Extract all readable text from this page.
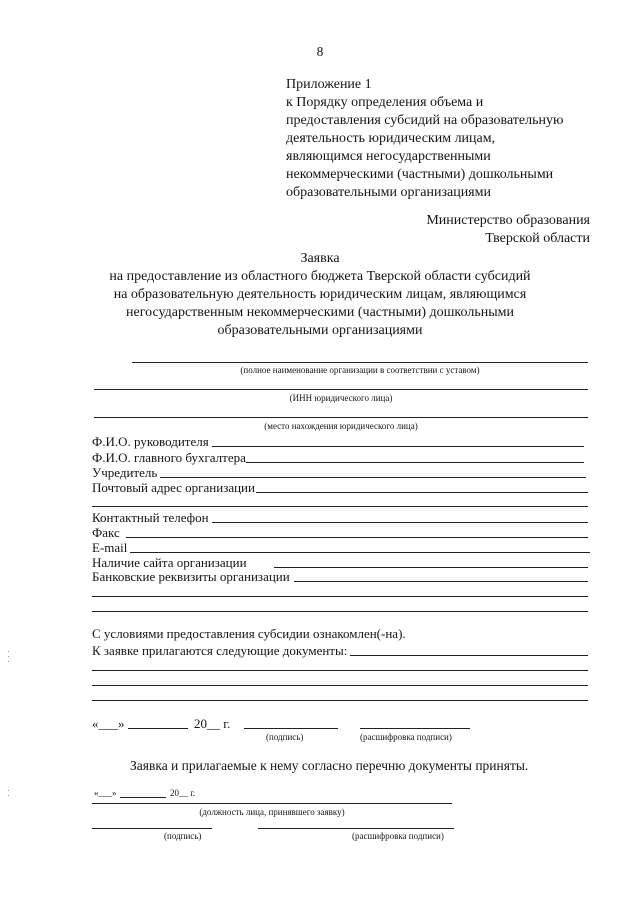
8
Приложение 1
к Порядку определения объема и
предоставления субсидий на образовательную
деятельность юридическим лицам,
являющимся негосударственными
некоммерческими (частными) дошкольными
образовательными организациями
Министерство образования
Тверской области
Заявка
на предоставление из областного бюджета Тверской области субсидий
на образовательную деятельность юридическим лицам, являющимся
негосударственным некоммерческими (частными) дошкольными
образовательными организациями
(полное наименование организации в соответствии с уставом)
(ИНН юридического лица)
(место нахождения юридического лица)
Ф.И.О. руководителя
Ф.И.О. главного бухгалтера
Учредитель
Почтовый адрес организации
Контактный телефон
Факс
E-mail
Наличие сайта организации
Банковские реквизиты организации
С условиями предоставления субсидии ознакомлен(-на).
К заявке прилагаются следующие документы:
«___»	20__ г.
(подпись)	(расшифровка подписи)
Заявка и прилагаемые к нему согласно перечню документы приняты.
«___»	20__ г.
(должность лица, принявшего заявку)
(подпись)	(расшифровка подписи)
